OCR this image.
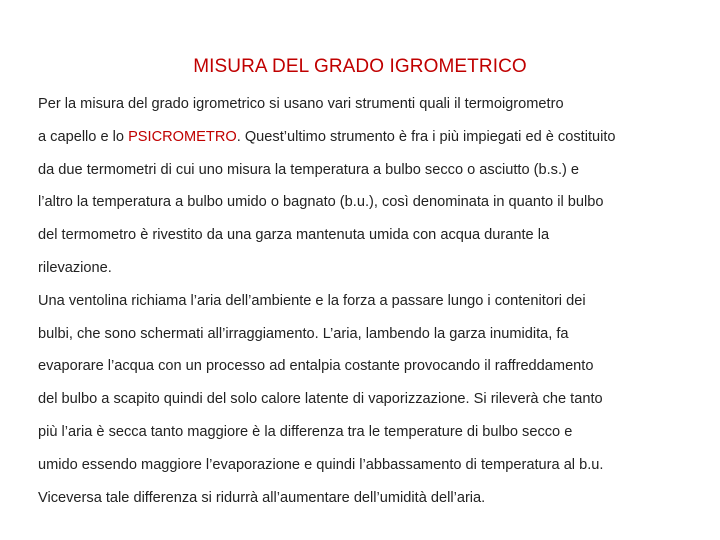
MISURA DEL GRADO IGROMETRICO
Per la misura del grado igrometrico si usano vari strumenti quali il termoigrometro
a capello e lo PSICROMETRO. Quest’ultimo strumento è fra i più impiegati ed è costituito
da due termometri di cui uno misura la temperatura a bulbo secco o asciutto (b.s.) e
l’altro la temperatura a bulbo umido o bagnato (b.u.), così denominata in quanto il bulbo
del termometro è rivestito da una garza mantenuta umida con acqua durante la
rilevazione.
Una ventolina richiama l’aria dell’ambiente e la forza a passare lungo i contenitori dei
bulbi, che sono schermati all’irraggiamento. L’aria, lambendo la garza inumidita, fa
evaporare l’acqua con un processo ad entalpia costante provocando il raffreddamento
del bulbo a scapito quindi del solo calore latente di vaporizzazione. Si rileverà che tanto
più l’aria è secca tanto maggiore è la differenza tra le temperature di bulbo secco e
umido essendo maggiore l’evaporazione e quindi l’abbassamento di temperatura al b.u.
Viceversa tale differenza si ridurrà all’aumentare dell’umidità dell’aria.
